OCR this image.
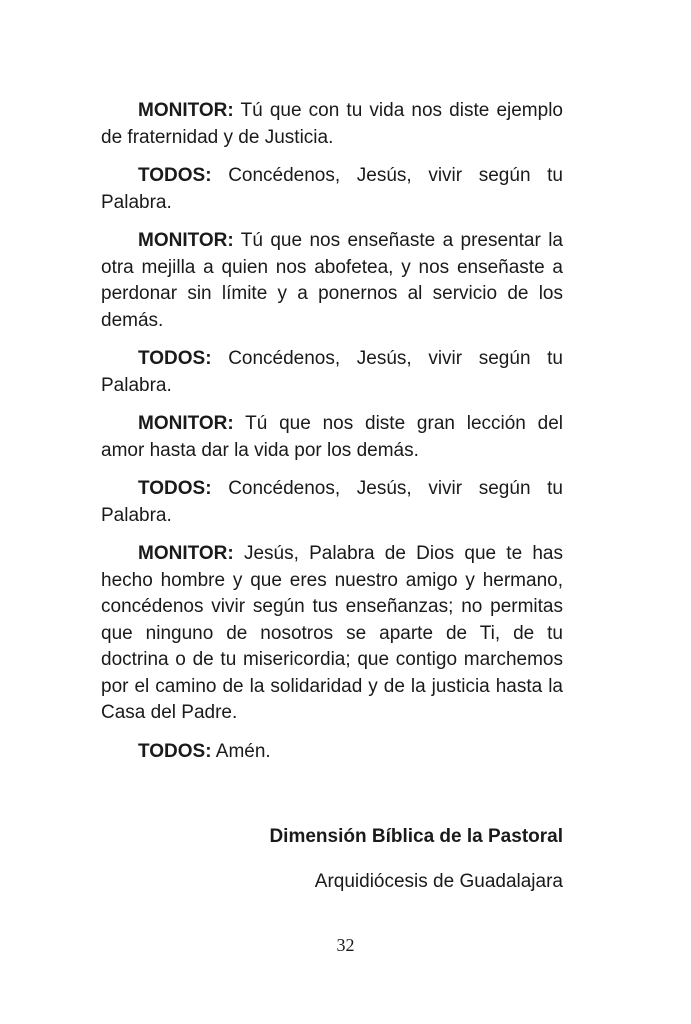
MONITOR: Tú que con tu vida nos diste ejemplo de fraternidad y de Justicia.

TODOS: Concédenos, Jesús, vivir según tu Palabra.

MONITOR: Tú que nos enseñaste a presentar la otra mejilla a quien nos abofetea, y nos enseñaste a perdonar sin límite y a ponernos al servicio de los demás.

TODOS: Concédenos, Jesús, vivir según tu Palabra.

MONITOR: Tú que nos diste gran lección del amor hasta dar la vida por los demás.

TODOS: Concédenos, Jesús, vivir según tu Palabra.

MONITOR: Jesús, Palabra de Dios que te has hecho hombre y que eres nuestro amigo y hermano, concédenos vivir según tus enseñanzas; no permitas que ninguno de nosotros se aparte de Ti, de tu doctrina o de tu misericordia; que contigo marchemos por el camino de la solidaridad y de la justicia hasta la Casa del Padre.

TODOS: Amén.

Dimensión Bíblica de la Pastoral
Arquidiócesis de Guadalajara
32
